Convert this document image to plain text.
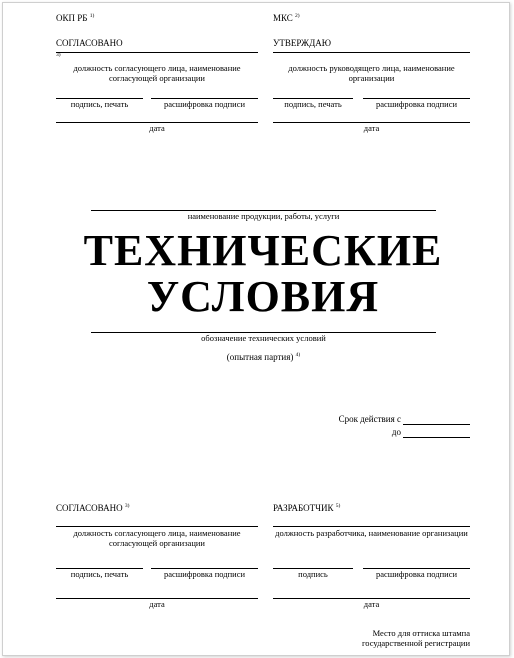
ОКП РБ $^{1)}$
СОГЛАСОВАНО
3)
должность согласующего лица, наименование согласующей организации
подпись, печать	расшифровка подписи
дата
МКС $^{2)}$
УТВЕРЖДАЮ
должность руководящего лица, наименование организации
подпись, печать	расшифровка подписи
дата
наименование продукции, работы, услуги
ТЕХНИЧЕСКИЕ
УСЛОВИЯ
обозначение технических условий
(опытная партия) $^{4)}$
Срок действия с
до
СОГЛАСОВАНО $^{3)}$
должность согласующего лица, наименование согласующей организации
подпись, печать	расшифровка подписи
дата
РАЗРАБОТЧИК $^{5)}$
должность разработчика, наименование организации
подпись	расшифровка подписи
дата
Место для оттиска штампа государственной регистрации
